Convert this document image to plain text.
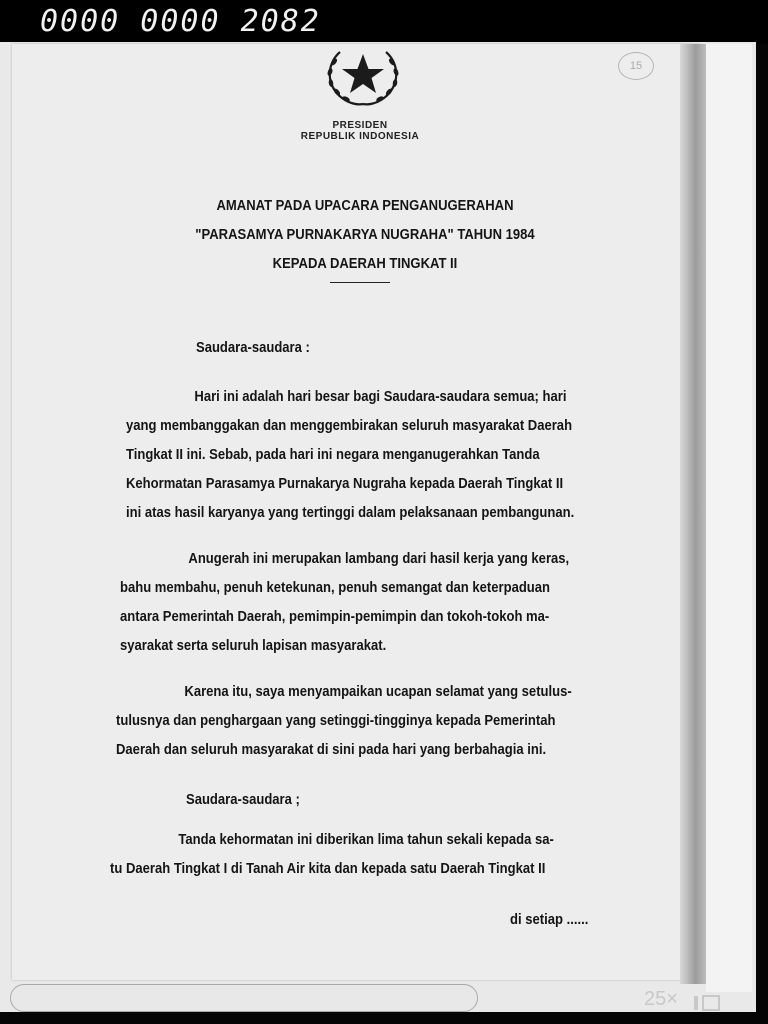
0000 0000 2082
15
PRESIDEN
REPUBLIK INDONESIA
AMANAT PADA UPACARA PENGANUGERAHAN
"PARASAMYA PURNAKARYA NUGRAHA" TAHUN 1984
KEPADA DAERAH TINGKAT II
Saudara-saudara :
Hari ini adalah hari besar bagi Saudara-saudara semua; hari
yang membanggakan dan menggembirakan seluruh masyarakat Daerah
Tingkat II ini. Sebab, pada hari ini negara menganugerahkan Tanda
Kehormatan Parasamya Purnakarya Nugraha kepada Daerah Tingkat II
ini atas hasil karyanya yang tertinggi dalam pelaksanaan pembangunan.
Anugerah ini merupakan lambang dari hasil kerja yang keras,
bahu membahu, penuh ketekunan, penuh semangat dan keterpaduan
antara Pemerintah Daerah, pemimpin-pemimpin dan tokoh-tokoh ma-
syarakat serta seluruh lapisan masyarakat.
Karena itu, saya menyampaikan ucapan selamat yang setulus-
tulusnya dan penghargaan yang setinggi-tingginya kepada Pemerintah
Daerah dan seluruh masyarakat di sini pada hari yang berbahagia ini.
Saudara-saudara ;
Tanda kehormatan ini diberikan lima tahun sekali kepada sa-
tu Daerah Tingkat I di Tanah Air kita dan kepada satu Daerah Tingkat II
di setiap ......
25×
